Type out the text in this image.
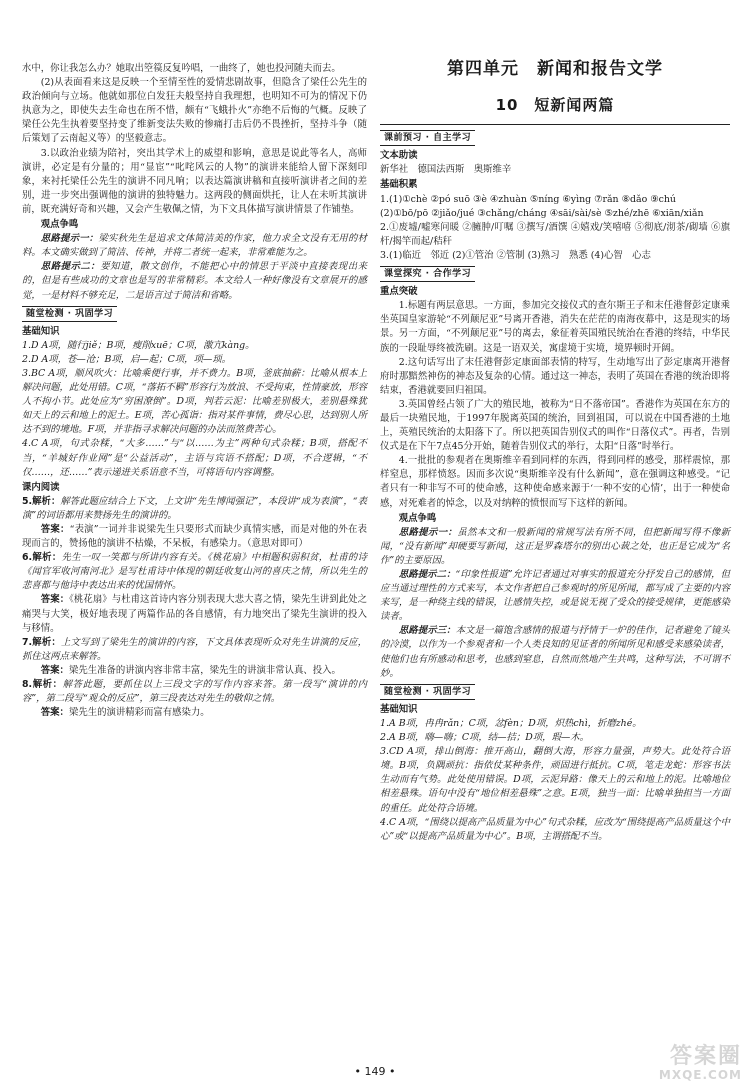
水中，你让我怎么办？她取出箜篌反复吟唱，一曲终了，她也投河随夫而去。

(2)从表面看来这是反映一个至情至性的爱情悲剧故事，但隐含了梁任公先生的政治倾向与立场。他就如那位白发狂夫般坚持自我理想，也明知不可为的情况下仍执意为之，即使失去生命也在所不惜，颇有“飞蛾扑火”亦绝不后悔的气概。反映了梁任公先生执着要坚持变了维新变法失败的惨痛打击后仍不畏挫折，坚持斗争（随后策划了云南起义等）的坚毅意志。

3.以政治业绩为陪衬，突出其学术上的威望和影响，意思是说此等名人，高师演讲，必定是有分量的；用“显宦”“叱咤风云的人物”的演讲来能给人留下深刻印象，来衬托梁任公先生的演讲不同凡响；以表达篇演讲稿和直接听演讲者之间的差别，进一步突出强调他的演讲的独特魅力。这两段的侧面烘托，让人在未听其演讲前，既充满好奇和兴趣，又会产生敬佩之情，为下文具体描写演讲情景了作铺垫。

观点争鸣

思路提示一：梁实秋先生是追求文体简洁美的作家，他力求全文没有无用的材料。本文确实做到了简洁、传神，并将二者统一起来，非常难能为之。

思路提示二：要知道，散文创作，不能把心中的情思于平淡中直接表现出来的，但是有些成功的文章也是写的非常精彩。本文给人一种好像没有文章展开的感觉，一是材料不够充足，二是语言过于简洁和省略。

随堂检测 · 巩固学习
基础知识

1.D A项，随行jiě；B项，瘦削xuē；C项，激亢kàng。

2.D A项，苍—沧；B项，启—起；C项，项—顼。

3.BC A项，顺风吹火：比喻乘便行事，并不费力。B项，釜底抽薪：比喻从根本上解决问题，此处用错。C项，“落拓不羁”形容行为放浪、不受拘束，性情豪放，形容人不拘小节。此处应为“穷困潦倒”。D项，判若云泥：比喻差别极大，差别悬殊犹如天上的云和地上的泥土。E项，苦心孤诣：指对某件事情，费尽心思，达到别人所达不到的境地。F项，并非指寻求解决问题的办法而煞费苦心。

4.C A项，句式杂糅，“大多……”与“以……为主”两种句式杂糅；B项，搭配不当，“羊城好作业网”是“公益活动”，主语与宾语不搭配；D项，不合逻辑，“不仅……，还……”表示递进关系语意不当，可将语句内容调整。

课内阅读

5.解析：解答此题应结合上下文，上文讲“先生博闻强记”，本段讲“成为表演”，“表演”的词语都用来赞扬先生的演讲的。

答案：“表演”一词并非说梁先生只要形式而缺少真情实感，而是对他的外在表现而言的，赞扬他的演讲不枯燥，不呆板，有感染力。（意思对即可）

6.解析：先生一叹一笑都与所讲内容有关。《桃花扇》中相题积弱积贫，杜甫的诗《闻官军收河南河北》是写杜甫诗中体现的朝廷收复山河的喜庆之情，所以先生的悲喜都与他诗中表达出来的忧国情怀。

答案：《桃花扇》与杜甫这首诗内容分别表现大悲大喜之情，梁先生讲到此处之痛哭与大笑，极好地表现了两篇作品的各自感情，有力地突出了梁先生演讲的投入与移情。

7.解析：上文写到了梁先生的演讲的内容，下文具体表现听众对先生讲演的反应，抓住这两点来解答。

答案：梁先生准备的讲演内容非常丰富，梁先生的讲演非常认真、投入。

8.解析：解答此题，要抓住以上三段文字的写作内容来答。第一段写“演讲的内容”，第二段写“观众的反应”，第三段表达对先生的敬仰之情。

答案：梁先生的演讲精彩而富有感染力。

第四单元　新闻和报告文学
10　短新闻两篇
课前预习 · 自主学习
文本助读

新华社　德国法西斯　奥斯维辛

基础积累

1.(1)①chè ②pó suō ③è ④zhuàn ⑤níng ⑥yìng ⑦rǎn ⑧dǎo ⑨chú

(2)①bō/pō ②jiǎo/jué ③chǎng/cháng ④sāi/sài/sè ⑤zhé/zhē ⑥xiān/xiǎn

2.①废墟/嘘寒问暖 ②臃肿/叮嘱 ③撰写/酒馔 ④嬉戏/笑嘻嘻 ⑤彻底/沏茶/砌墙 ⑥旗杆/揭竿而起/秸秆

3.(1)临近　邻近 (2)①管治 ②管制 (3)熟习　熟悉 (4)心智　心志

课堂探究 · 合作学习
重点突破

1.标题有两层意思。一方面，参加完交接仪式的查尔斯王子和末任港督彭定康乘坐英国皇家游轮“不列颠尼亚”号离开香港，消失在茫茫的南海夜幕中，这是现实的场景。另一方面，“不列颠尼亚”号的离去，象征着英国殖民统治在香港的终结，中华民族的一段耻辱终被洗刷。这是一语双关，寓虚境于实境，境界顿时开阔。

2.这句话写出了末任港督彭定康面部表情的特写，生动地写出了彭定康离开港督府时那黯然神伤的神态及复杂的心情。通过这一神态，表明了英国在香港的统治即将结束，香港就要回归祖国。

3.英国曾经占领了广大的殖民地，被称为“日不落帝国”。香港作为英国在东方的最后一块殖民地，于1997年脱离英国的统治，回到祖国，可以说在中国香港的土地上，英殖民统治的太阳落下了。所以把英国告别仪式的叫作“日落仪式”。再者，告别仪式是在下午7点45分开始，随着告别仪式的举行，太阳“日落”时举行。

4.一批批的参观者在奥斯维辛看到同样的东西，得到同样的感受，那样震惊，那样窒息，那样愤怒。因而多次说“奥斯维辛没有什么新闻”，意在强调这种感受。“记者只有一种非写不可的使命感，这种使命感来源于‘一种不安的心情’，出于一种使命感，对死难者的悼念，以及对纳粹的愤恨而写下这样的新闻。

观点争鸣

思路提示一：虽然本文和一般新闻的常规写法有所不同，但把新闻写得不像新闻，“没有新闻”却硬要写新闻，这正是罗森塔尔的别出心裁之处，也正是它成为“名作”的主要原因。

思路提示二：“印象性报道”允许记者通过对事实的报道充分抒发自己的感情，但应当通过理性的方式来写，本文作者把自己参观时的所见所闻，都写成了主要的内容来写，是一种绕主线的错误，让感情失控，或是说无视了受众的接受规律，更能感染读者。

思路提示三：本文是一篇饱含感情的报道与抒情于一炉的佳作，记者避免了镜头的冷漠，以作为一个参观者和一个人类良知的见证者的所闻所见和感受来感染读者，使他们也有所感动和思考，也感到窒息，自然而然地产生共鸣，这种写法，不可谓不妙。

随堂检测 · 巩固学习
基础知识

1.A B项，冉冉rǎn；C项，忿fèn；D项，炽热chì，折磨zhé。

2.A B项，嗨—嗨；C项，结—拮；D项，瑕—木。

3.CD A项，排山倒海：推开高山，翻倒大海，形容力量强，声势大。此处符合语境。B项，负隅顽抗：指依仗某种条件，顽固进行抵抗。C项，笔走龙蛇：形容书法生动而有气势。此处使用错误。D项，云泥异路：像天上的云和地上的泥。比喻地位相差悬殊。语句中没有“地位相差悬殊”之意。E项，独当一面：比喻单独担当一方面的重任。此处符合语境。

4.C A项，“围绕以提高产品质量为中心”句式杂糅，应改为“围绕提高产品质量这个中心”或“以提高产品质量为中心”。B项，主谓搭配不当。

• 149 •
答案圈
MXQE.COM
